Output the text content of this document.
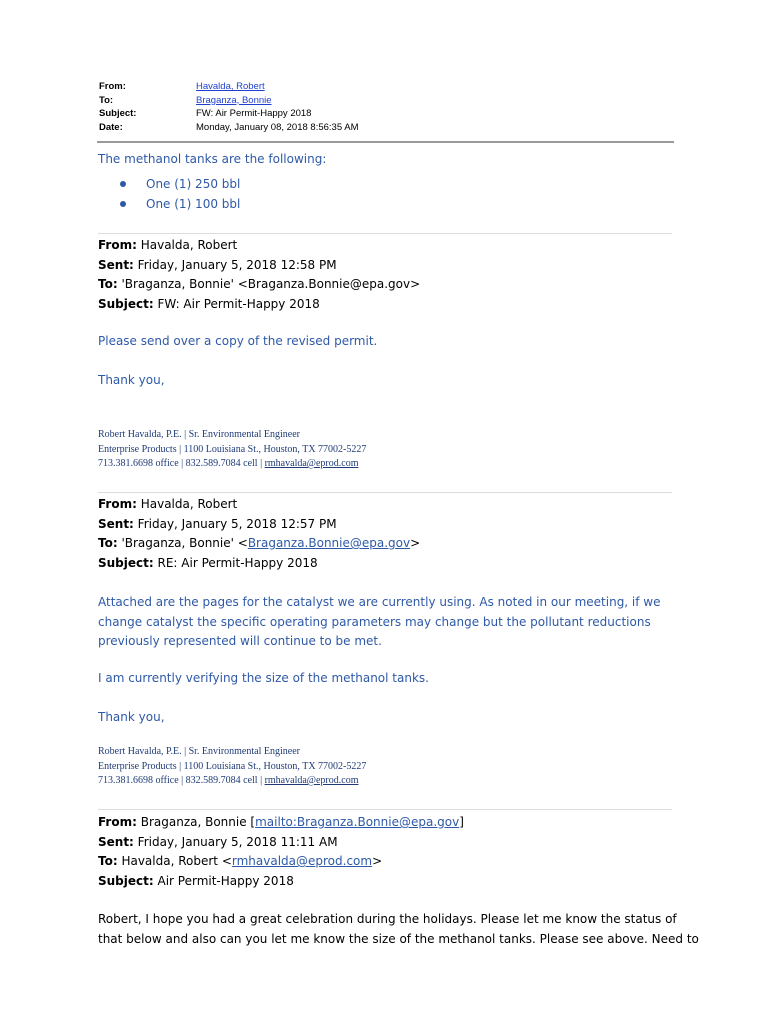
From:	Havalda, Robert
To:	Braganza, Bonnie
Subject:	FW: Air Permit-Happy 2018
Date:	Monday, January 08, 2018 8:56:35 AM
The methanol tanks are the following:
One (1) 250 bbl
One (1) 100 bbl
From: Havalda, Robert
Sent: Friday, January 5, 2018 12:58 PM
To: 'Braganza, Bonnie' <Braganza.Bonnie@epa.gov>
Subject: FW: Air Permit-Happy 2018
Please send over a copy of the revised permit.
Thank you,
Robert Havalda, P.E. | Sr. Environmental Engineer
Enterprise Products | 1100 Louisiana St., Houston, TX 77002-5227
713.381.6698 office | 832.589.7084 cell | rmhavalda@eprod.com
From: Havalda, Robert
Sent: Friday, January 5, 2018 12:57 PM
To: 'Braganza, Bonnie' <Braganza.Bonnie@epa.gov>
Subject: RE: Air Permit-Happy 2018
Attached are the pages for the catalyst we are currently using. As noted in our meeting, if we
change catalyst the specific operating parameters may change but the pollutant reductions
previously represented will continue to be met.
I am currently verifying the size of the methanol tanks.
Thank you,
Robert Havalda, P.E. | Sr. Environmental Engineer
Enterprise Products | 1100 Louisiana St., Houston, TX 77002-5227
713.381.6698 office | 832.589.7084 cell | rmhavalda@eprod.com
From: Braganza, Bonnie [mailto:Braganza.Bonnie@epa.gov]
Sent: Friday, January 5, 2018 11:11 AM
To: Havalda, Robert <rmhavalda@eprod.com>
Subject: Air Permit-Happy 2018
Robert, I hope you had a great celebration during the holidays. Please let me know the status of
that below and also can you let me know the size of the methanol tanks. Please see above. Need to
